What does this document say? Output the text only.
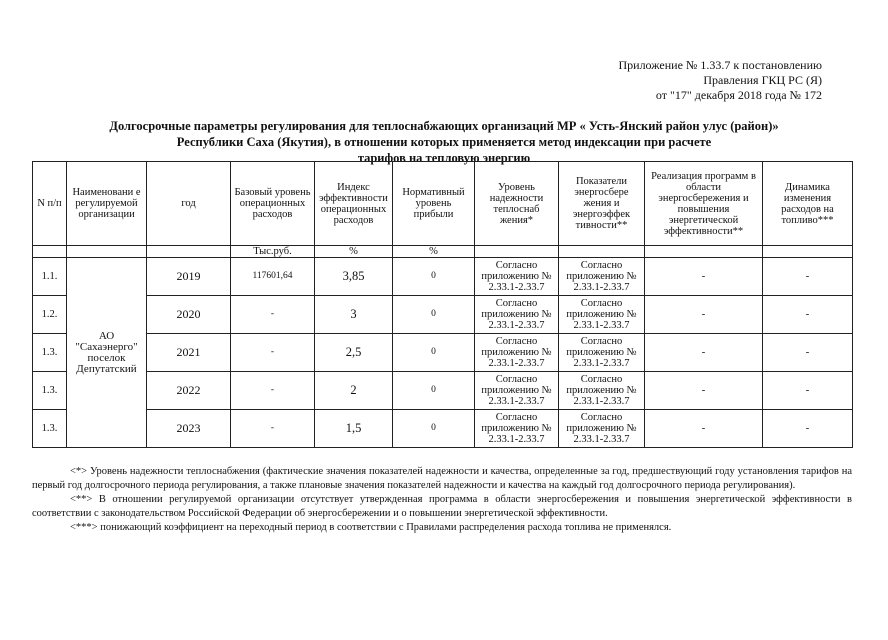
Приложение № 1.33.7 к постановлению
Правления ГКЦ РС (Я)
от "17" декабря 2018 года № 172
Долгосрочные параметры регулирования для теплоснабжающих организаций МР « Усть-Янский район улус (район)»
Республики Саха (Якутия), в отношении которых применяется метод индексации при расчете
тарифов на тепловую энергию
N п/п	Наименовани е регулируемой организации	год	Базовый уровень операционных расходов	Индекс эффективности операционных расходов	Нормативный уровень прибыли	Уровень надежности теплоснаб жения*	Показатели энергосбере жения и энергоэффек тивности**	Реализация программ в области энергосбережения и повышения энергетической эффективности**	Динамика изменения расходов на топливо***
			Тыс.руб.	%	%				
1.1.	АО "Сахаэнерго" поселок Депутатский	2019	117601,64	3,85	0	Согласно приложению № 2.33.1-2.33.7	Согласно приложению № 2.33.1-2.33.7	-	-
1.2.		2020	-	3	0	Согласно приложению № 2.33.1-2.33.7	Согласно приложению № 2.33.1-2.33.7	-	-
1.3.		2021	-	2,5	0	Согласно приложению № 2.33.1-2.33.7	Согласно приложению № 2.33.1-2.33.7	-	-
1.3.		2022	-	2	0	Согласно приложению № 2.33.1-2.33.7	Согласно приложению № 2.33.1-2.33.7	-	-
1.3.		2023	-	1,5	0	Согласно приложению № 2.33.1-2.33.7	Согласно приложению № 2.33.1-2.33.7	-	-

<*> Уровень надежности теплоснабжения (фактические значения показателей надежности и качества, определенные за год, предшествующий году установления тарифов на первый год долгосрочного периода регулирования, а также плановые значения показателей надежности и качества на каждый год долгосрочного периода регулирования).

<**> В отношении регулируемой организации отсутствует утвержденная программа в области энергосбережения и повышения энергетической эффективности в соответствии с законодательством Российской Федерации об энергосбережении и о повышении энергетической эффективности.

<***> понижающий коэффициент на переходный период в соответствии с Правилами распределения расхода топлива не применялся.
